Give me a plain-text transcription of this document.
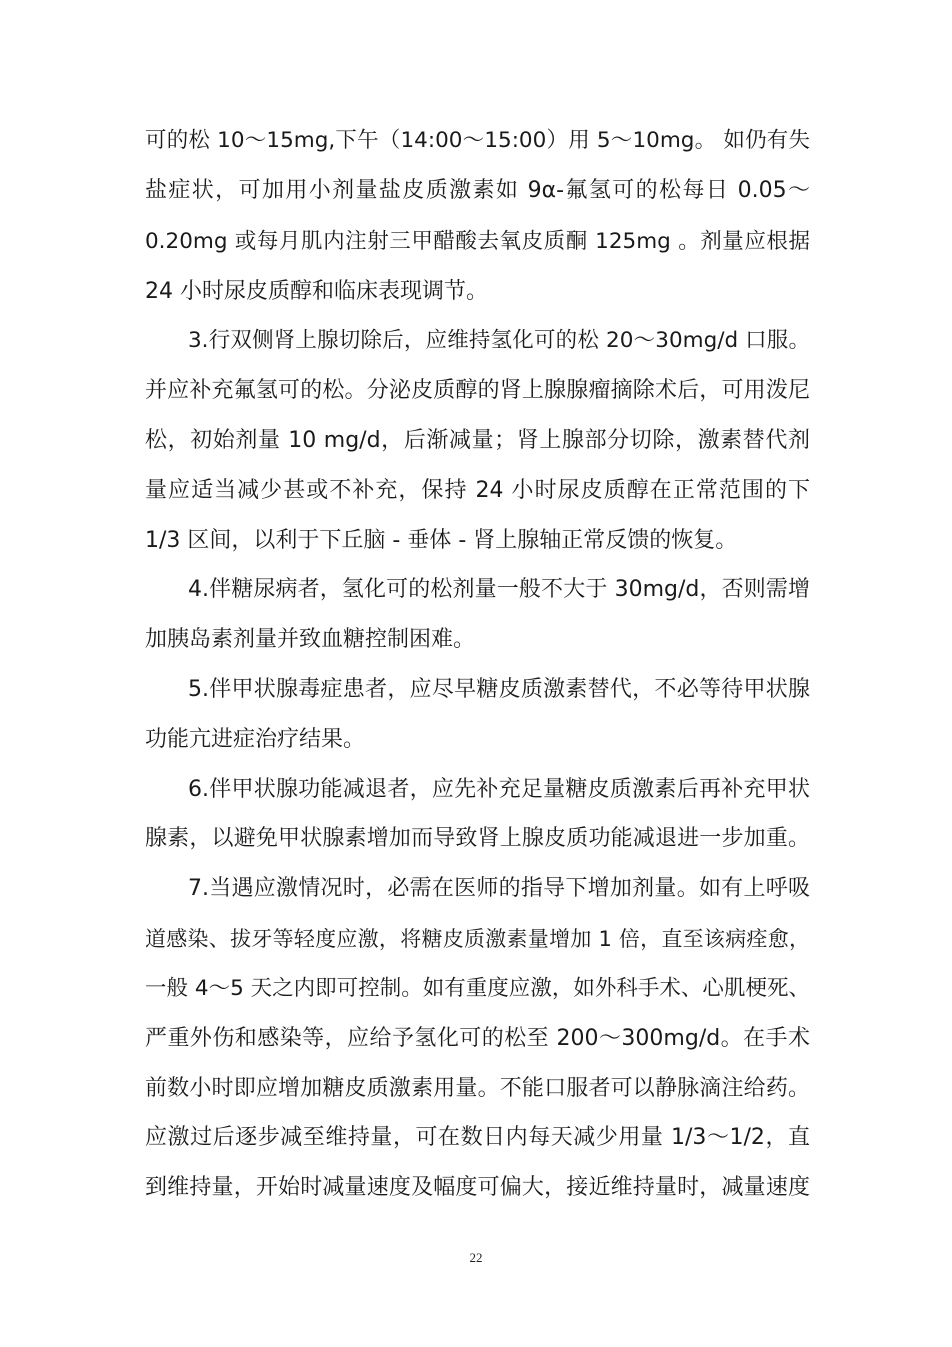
可的松 10～15mg,下午（14:00～15:00）用 5～10mg。 如仍有失
盐症状，可加用小剂量盐皮质激素如 9α-氟氢可的松每日 0.05～
0.20mg 或每月肌内注射三甲醋酸去氧皮质酮 125mg 。剂量应根据
24 小时尿皮质醇和临床表现调节。
3.行双侧肾上腺切除后，应维持氢化可的松 20～30mg/d 口服。
并应补充氟氢可的松。分泌皮质醇的肾上腺腺瘤摘除术后，可用泼尼
松，初始剂量 10 mg/d，后渐减量；肾上腺部分切除，激素替代剂
量应适当减少甚或不补充，保持 24 小时尿皮质醇在正常范围的下
1/3 区间，以利于下丘脑 - 垂体 - 肾上腺轴正常反馈的恢复。
4.伴糖尿病者，氢化可的松剂量一般不大于 30mg/d，否则需增
加胰岛素剂量并致血糖控制困难。
5.伴甲状腺毒症患者，应尽早糖皮质激素替代，不必等待甲状腺
功能亢进症治疗结果。
6.伴甲状腺功能减退者，应先补充足量糖皮质激素后再补充甲状
腺素，以避免甲状腺素增加而导致肾上腺皮质功能减退进一步加重。
7.当遇应激情况时，必需在医师的指导下增加剂量。如有上呼吸
道感染、拔牙等轻度应激，将糖皮质激素量增加 1 倍，直至该病痊愈，
一般 4～5 天之内即可控制。如有重度应激，如外科手术、心肌梗死、
严重外伤和感染等，应给予氢化可的松至 200～300mg/d。在手术
前数小时即应增加糖皮质激素用量。不能口服者可以静脉滴注给药。
应激过后逐步减至维持量，可在数日内每天减少用量 1/3～1/2，直
到维持量，开始时减量速度及幅度可偏大，接近维持量时，减量速度
22
